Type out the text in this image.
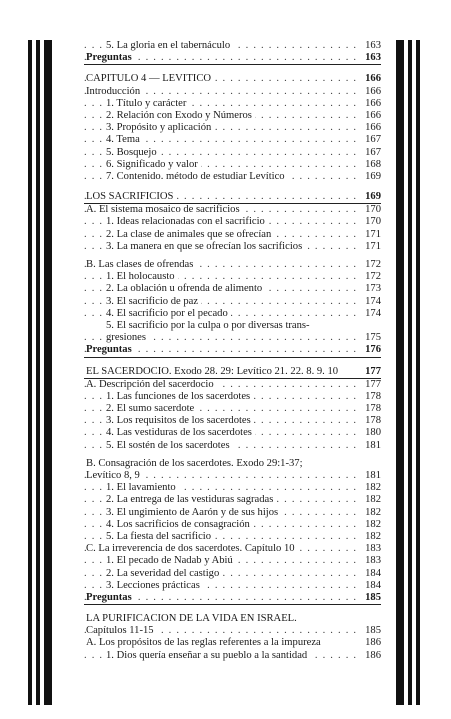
. . .
5. La gloria en el tabernáculo	163
. . .
Preguntas	163
. . .
CAPITULO 4 — LEVITICO	166
. . .
Introducción	166
. . .
1. Título y carácter	166
. . .
2. Relación con Exodo y Números	166
. . .
3. Propósito y aplicación	166
. . .
4. Tema	167
. . .
5. Bosquejo	167
. . .
6. Significado y valor	168
. . .
7. Contenido. método de estudiar Levítico	169
. . .
LOS SACRIFICIOS	169
. . .
A. El sistema mosaico de sacrificios	170
. . .
1. Ideas relacionadas con el sacrificio	170
. . .
2. La clase de animales que se ofrecían	171
. . .
3. La manera en que se ofrecían los sacrificios	171
. . .
B. Las clases de ofrendas	172
. . .
1. El holocausto	172
. . .
2. La oblación u ofrenda de alimento	173
. . .
3. El sacrificio de paz	174
. . .
4. El sacrificio por el pecado	174
5. El sacrificio por la culpa o por diversas trans-
. . .
gresiones	175
. . .
Preguntas	176
EL SACERDOCIO. Exodo 28. 29: Levítico 21. 22. 8. 9. 10	177
. . .
A. Descripción del sacerdocio	177
. . .
1. Las funciones de los sacerdotes	178
. . .
2. El sumo sacerdote	178
. . .
3. Los requisitos de los sacerdotes	178
. . .
4. Las vestiduras de los sacerdotes	180
. . .
5. El sostén de los sacerdotes	181
B. Consagración de los sacerdotes. Exodo 29:1-37;
. . .
Levítico 8, 9	181
. . .
1. El lavamiento	182
. . .
2. La entrega de las vestiduras sagradas	182
. . .
3. El ungimiento de Aarón y de sus hijos	182
. . .
4. Los sacrificios de consagración	182
. . .
5. La fiesta del sacrificio	182
. . .
C. La irreverencia de dos sacerdotes. Capítulo 10	183
. . .
1. El pecado de Nadab y Abiú	183
. . .
2. La severidad del castigo	184
. . .
3. Lecciones prácticas	184
. . .
Preguntas	185
LA PURIFICACION DE LA VIDA EN ISRAEL.
. . .
Capítulos 11-15	185
A. Los propósitos de las reglas referentes a la impureza	186
. . .
1. Dios quería enseñar a su pueblo a la santidad	186
